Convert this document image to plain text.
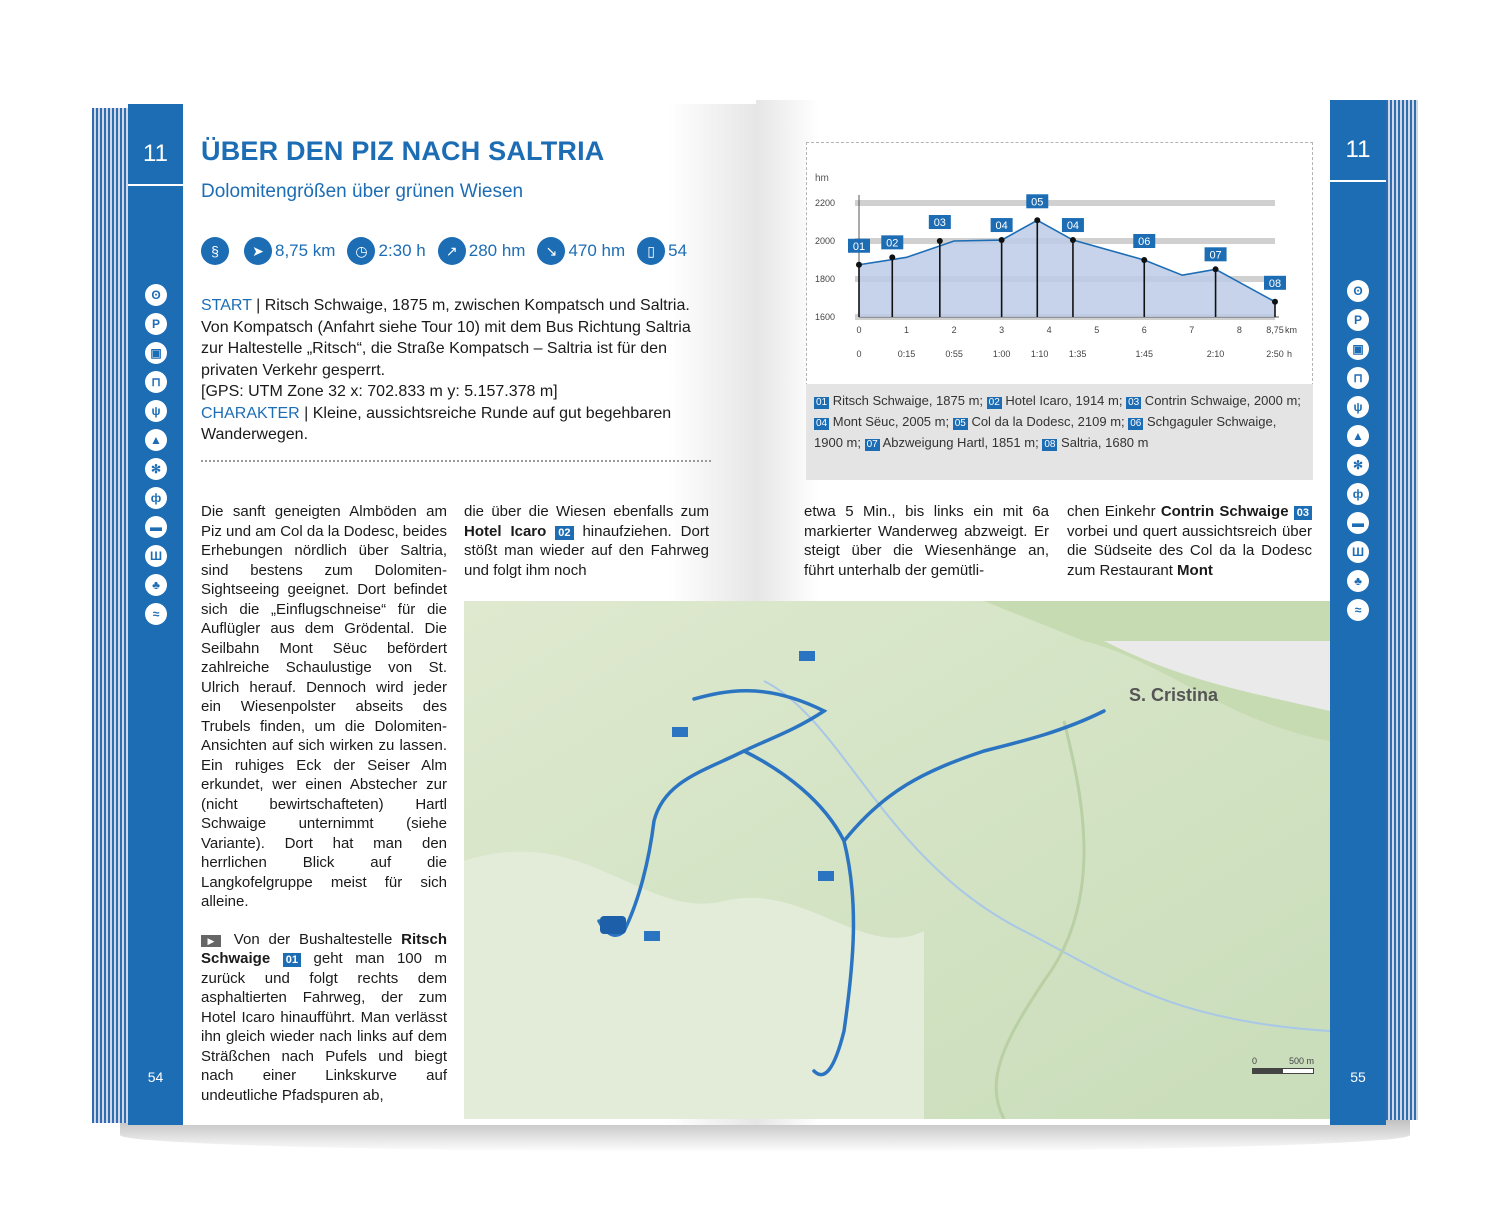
11
ʘ
P
▣
⊓
ψ
▲
✻
ф
▬
Ш
♣
≈
54
11
ʘ
P
▣
⊓
ψ
▲
✻
ф
▬
Ш
♣
≈
55
ÜBER DEN PIZ NACH SALTRIA
Dolomitengrößen über grünen Wiesen
§	➤ 8,75 km	◷ 2:30 h	↗ 280 hm	↘ 470 hm	▯ 54
START | Ritsch Schwaige, 1875 m, zwischen Kompatsch und Saltria. Von Kompatsch (Anfahrt siehe Tour 10) mit dem Bus Richtung Saltria zur Haltestelle „Ritsch“, die Straße Kompatsch – Saltria ist für den privaten Verkehr gesperrt.
[GPS: UTM Zone 32 x: 702.833 m y: 5.157.378 m]
CHARAKTER | Kleine, aussichtsreiche Runde auf gut begehbaren Wanderwegen.

Die sanft geneigten Almböden am Piz und am Col da la Dodesc, beides Erhebungen nördlich über Saltria, sind bestens zum Dolomiten-Sightseeing geeignet. Dort befindet sich die „Einflugschneise“ für die Auflügler aus dem Grödental. Die Seilbahn Mont Sëuc befördert zahlreiche Schaulustige von St. Ulrich herauf. Dennoch wird jeder ein Wiesenpolster abseits des Trubels finden, um die Dolomiten-Ansichten auf sich wirken zu lassen. Ein ruhiges Eck der Seiser Alm erkundet, wer einen Abstecher zur (nicht bewirtschafteten) Hartl Schwaige unternimmt (siehe Variante). Dort hat man den herrlichen Blick auf die Langkofelgruppe meist für sich alleine.

▶ Von der Bushaltestelle Ritsch Schwaige 01 geht man 100 m zurück und folgt rechts dem asphaltierten Fahrweg, der zum Hotel Icaro hinaufführt. Man verlässt ihn gleich wieder nach links auf dem Sträßchen nach Pufels und biegt nach einer Linkskurve auf undeutliche Pfadspuren ab,

die über die Wiesen ebenfalls zum Hotel Icaro 02 hinaufziehen. Dort stößt man wieder auf den Fahrweg und folgt ihm noch
etwa 5 Min., bis links ein mit 6a markierter Wanderweg abzweigt. Er steigt über die Wiesenhänge an, führt unterhalb der gemütli-
chen Einkehr Contrin Schwaige 03 vorbei und quert aussichtsreich über die Südseite des Col da la Dodesc zum Restaurant Mont
S. Cristina
0	500 m
hm
2200
2000
1800
1600
01 02
03	04
05
04
06
07
08
0	1	2	3	4	5	6	7	8	8,75 km
0	0:15	0:55	1:00 1:10 1:35	1:45	2:10	2:50 h
01 Ritsch Schwaige, 1875 m; 02 Hotel Icaro, 1914 m; 03 Contrin Schwaige, 2000 m; 04 Mont Sëuc, 2005 m; 05 Col da la Dodesc, 2109 m; 06 Schgaguler Schwaige, 1900 m; 07 Abzweigung Hartl, 1851 m; 08 Saltria, 1680 m
